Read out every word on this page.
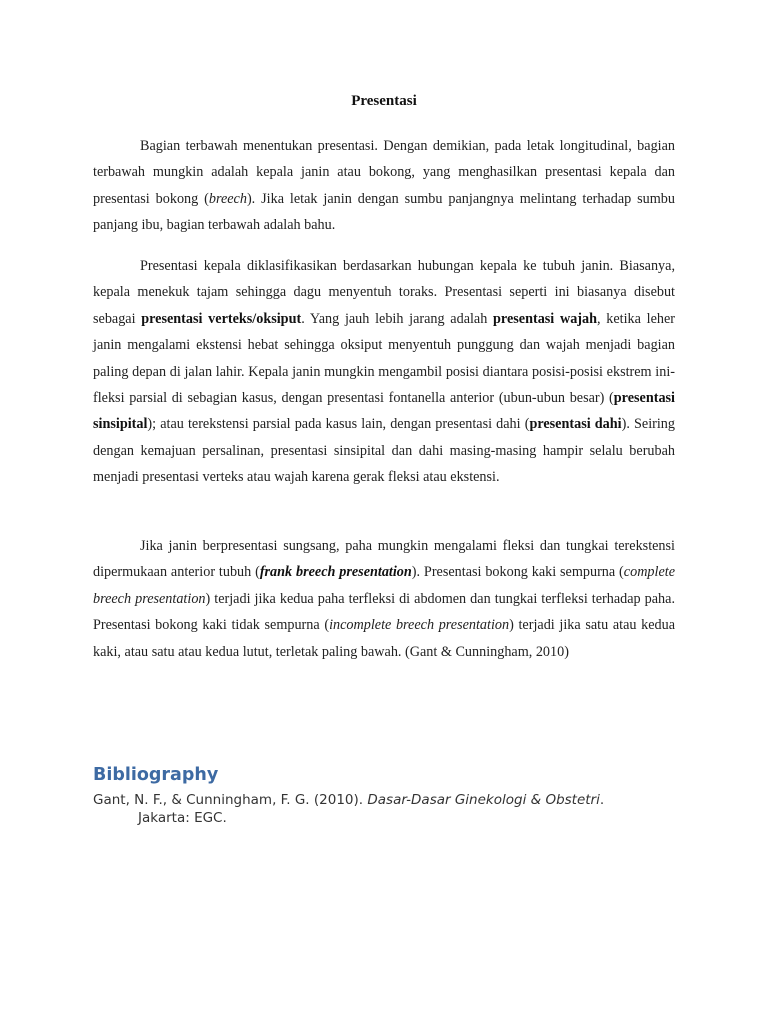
Presentasi

Bagian terbawah menentukan presentasi. Dengan demikian, pada letak longitudinal, bagian terbawah mungkin adalah kepala janin atau bokong, yang menghasilkan presentasi kepala dan presentasi bokong (breech). Jika letak janin dengan sumbu panjangnya melintang terhadap sumbu panjang ibu, bagian terbawah adalah bahu.

Presentasi kepala diklasifikasikan berdasarkan hubungan kepala ke tubuh janin. Biasanya, kepala menekuk tajam sehingga dagu menyentuh toraks. Presentasi seperti ini biasanya disebut sebagai presentasi verteks/oksiput. Yang jauh lebih jarang adalah presentasi wajah, ketika leher janin mengalami ekstensi hebat sehingga oksiput menyentuh punggung dan wajah menjadi bagian paling depan di jalan lahir. Kepala janin mungkin mengambil posisi diantara posisi-posisi ekstrem ini-fleksi parsial di sebagian kasus, dengan presentasi fontanella anterior (ubun-ubun besar) (presentasi sinsipital); atau terekstensi parsial pada kasus lain, dengan presentasi dahi (presentasi dahi). Seiring dengan kemajuan persalinan, presentasi sinsipital dan dahi masing-masing hampir selalu berubah menjadi presentasi verteks atau wajah karena gerak fleksi atau ekstensi.

Jika janin berpresentasi sungsang, paha mungkin mengalami fleksi dan tungkai terekstensi dipermukaan anterior tubuh (frank breech presentation). Presentasi bokong kaki sempurna (complete breech presentation) terjadi jika kedua paha terfleksi di abdomen dan tungkai terfleksi terhadap paha. Presentasi bokong kaki tidak sempurna (incomplete breech presentation) terjadi jika satu atau kedua kaki, atau satu atau kedua lutut, terletak paling bawah. (Gant & Cunningham, 2010)

Bibliography

Gant, N. F., & Cunningham, F. G. (2010). Dasar-Dasar Ginekologi & Obstetri.
Jakarta: EGC.
